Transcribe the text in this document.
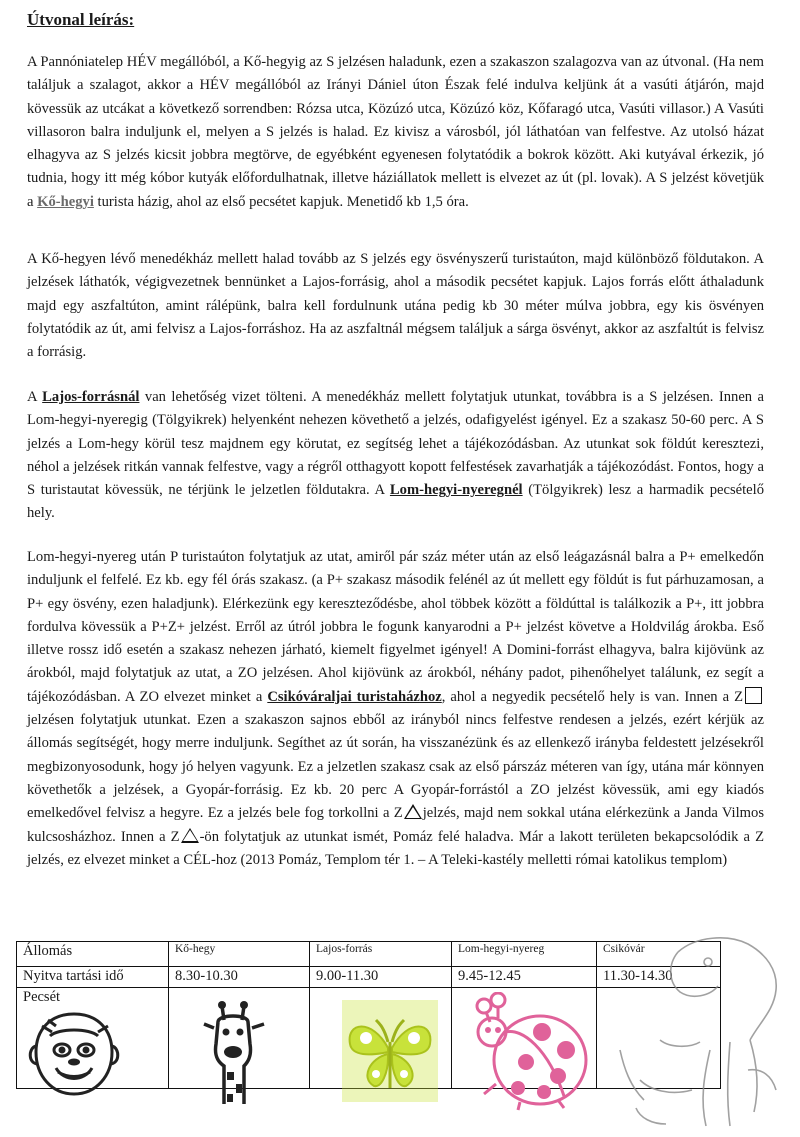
Útvonal leírás:

A Pannóniatelep HÉV megállóból, a Kő-hegyig az S jelzésen haladunk, ezen a szakaszon szalagozva van az útvonal. (Ha nem találjuk a szalagot, akkor a HÉV megállóból az Irányi Dániel úton Észak felé indulva keljünk át a vasúti átjárón, majd kövessük az utcákat a következő sorrendben: Rózsa utca, Közúzó utca, Közúzó köz, Kőfaragó utca, Vasúti villasor.) A Vasúti villasoron balra induljunk el, melyen a S jelzés is halad. Ez kivisz a városból, jól láthatóan van felfestve. Az utolsó házat elhagyva az S jelzés kicsit jobbra megtörve, de egyébként egyenesen folytatódik a bokrok között. Aki kutyával érkezik, jó tudnia, hogy itt még kóbor kutyák előfordulhatnak, illetve háziállatok mellett is elvezet az út (pl. lovak). A S jelzést követjük a Kő-hegyi turista házig, ahol az első pecsétet kapjuk. Menetidő kb 1,5 óra.

A Kő-hegyen lévő menedékház mellett halad tovább az S jelzés egy ösvényszerű turistaúton, majd különböző földutakon. A jelzések láthatók, végigvezetnek bennünket a Lajos-forrásig, ahol a második pecsétet kapjuk. Lajos forrás előtt áthaladunk majd egy aszfaltúton, amint rálépünk, balra kell fordulnunk utána pedig kb 30 méter múlva jobbra, egy kis ösvényen folytatódik az út, ami felvisz a Lajos-forráshoz. Ha az aszfaltnál mégsem találjuk a sárga ösvényt, akkor az aszfaltút is felvisz a forrásig.

A Lajos-forrásnál van lehetőség vizet tölteni. A menedékház mellett folytatjuk utunkat, továbbra is a S jelzésen. Innen a Lom-hegyi-nyeregig (Tölgyikrek) helyenként nehezen követhető a jelzés, odafigyelést igényel. Ez a szakasz 50-60 perc. A S jelzés a Lom-hegy körül tesz majdnem egy körutat, ez segítség lehet a tájékozódásban. Az utunkat sok földút keresztezi, néhol a jelzések ritkán vannak felfestve, vagy a régről otthagyott kopott felfestések zavarhatják a tájékozódást. Fontos, hogy a S turistautat kövessük, ne térjünk le jelzetlen földutakra. A Lom-hegyi-nyeregnél (Tölgyikrek) lesz a harmadik pecsételő hely.

Lom-hegyi-nyereg után P turistaúton folytatjuk az utat, amiről pár száz méter után az első leágazásnál balra a P+ emelkedőn induljunk el felfelé. Ez kb. egy fél órás szakasz. (a P+ szakasz második felénél az út mellett egy földút is fut párhuzamosan, a P+ egy ösvény, ezen haladjunk). Elérkezünk egy kereszteződésbe, ahol többek között a földúttal is találkozik a P+, itt jobbra fordulva kövessük a P+Z+ jelzést. Erről az útról jobbra le fogunk kanyarodni a P+ jelzést követve a Holdvilág árokba. Eső illetve rossz idő esetén a szakasz nehezen járható, kiemelt figyelmet igényel! A Domini-forrást elhagyva, balra kijövünk az árokból, majd folytatjuk az utat, a ZO jelzésen. Ahol kijövünk az árokból, néhány padot, pihenőhelyet találunk, ez segít a tájékozódásban. A ZO elvezet minket a Csikóváraljai turistaházhoz, ahol a negyedik pecsételő hely is van. Innen a Zjelzésen folytatjuk utunkat. Ezen a szakaszon sajnos ebből az irányból nincs felfestve rendesen a jelzés, ezért kérjük az állomás segítségét, hogy merre induljunk. Segíthet az út során, ha visszanézünk és az ellenkező irányba feldestett jelzésekről megbizonyosodunk, hogy jó helyen vagyunk. Ez a jelzetlen szakasz csak az első párszáz méteren van így, utána már könnyen követhetők a jelzések, a Gyopár-forrásig. Ez kb. 20 perc A Gyopár-forrástól a ZO jelzést kövessük, ami egy kiadós emelkedővel felvisz a hegyre. Ez a jelzés bele fog torkollni a Z jelzés, majd nem sokkal utána elérkezünk a Janda Vilmos kulcsosházhoz. Innen a Z -ön folytatjuk az utunkat ismét, Pomáz felé haladva. Már a lakott területen bekapcsolódik a Z jelzés, ez elvezet minket a CÉL-hoz (2013 Pomáz, Templom tér 1. – A Teleki-kastély melletti római katolikus templom)

Állomás	Kő-hegy	Lajos-forrás	Lom-hegyi-nyereg	Csikóvár
Nyitva tartási idő	8.30-10.30	9.00-11.30	9.45-12.45	11.30-14.30
Pecsét				
